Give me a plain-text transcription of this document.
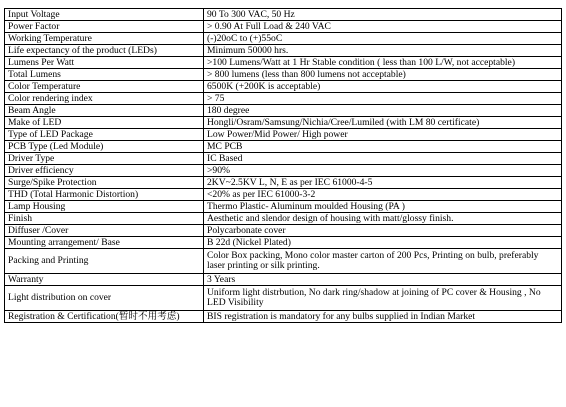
Input Voltage	90 To 300 VAC, 50 Hz
Power Factor	> 0.90 At Full Load & 240 VAC
Working Temperature	(-)20oC to (+)55oC
Life expectancy of the product (LEDs)	Minimum 50000 hrs.
Lumens Per Watt	>100 Lumens/Watt at 1 Hr Stable condition ( less than 100 L/W, not acceptable)
Total Lumens	> 800 lumens (less than 800 lumens not acceptable)
Color Temperature	6500K (+200K is acceptable)
Color rendering index	> 75
Beam Angle	180 degree
Make of LED	Hongli/Osram/Samsung/Nichia/Cree/Lumiled (with LM 80 certificate)
Type of LED Package	Low Power/Mid Power/ High power
PCB Type (Led Module)	MC PCB
Driver Type	IC Based
Driver efficiency	>90%
Surge/Spike Protection	2KV~2.5KV L, N, E as per IEC 61000-4-5
THD (Total Harmonic Distortion)	<20% as per IEC 61000-3-2
Lamp Housing	Thermo Plastic- Aluminum moulded Housing (PA )
Finish	Aesthetic and slendor design of housing with matt/glossy finish.
Diffuser /Cover	Polycarbonate cover
Mounting arrangement/ Base	B 22d (Nickel Plated)
Packing and Printing	Color Box packing, Mono color master carton of 200 Pcs, Printing on bulb, preferably laser printing or silk printing.
Warranty	3 Years
Light distribution on cover	Uniform light distrbution, No dark ring/shadow at joining of PC cover & Housing , No LED Visibility
Registration & Certification(暂时不用考虑)	BIS registration is mandatory for any bulbs supplied in Indian Market
